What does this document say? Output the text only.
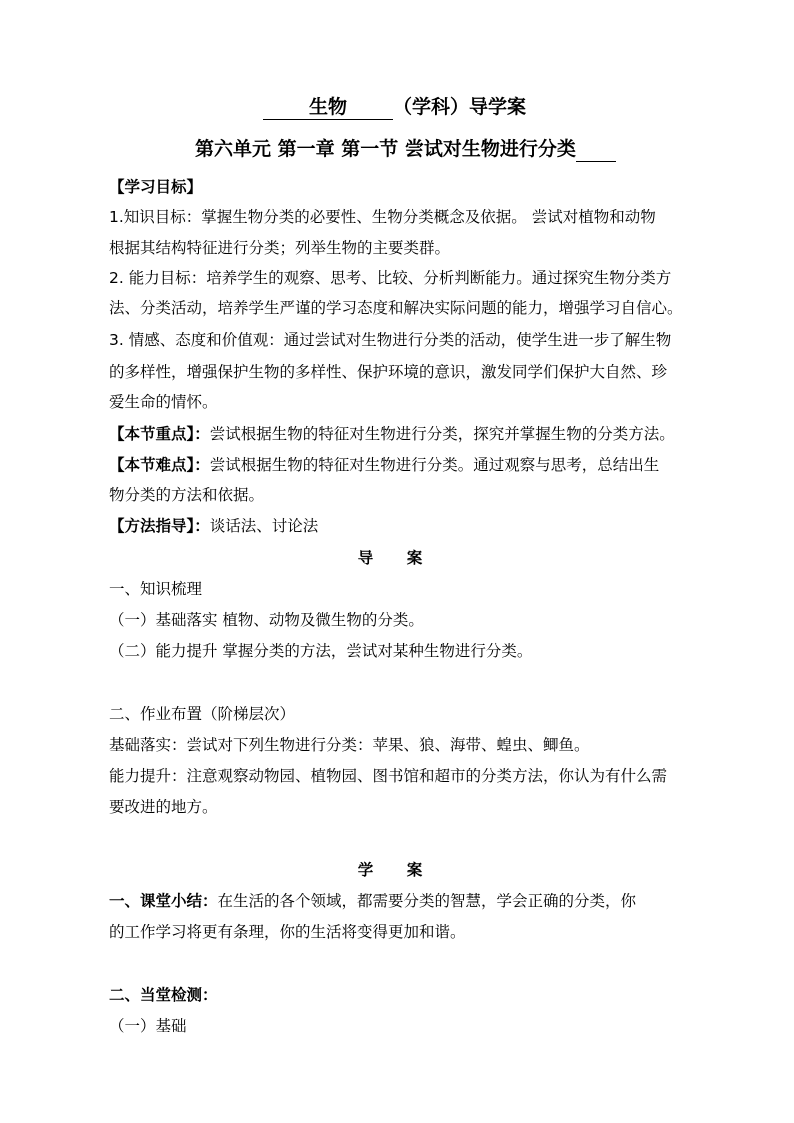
生物 （学科）导学案
第六单元 第一章 第一节 尝试对生物进行分类
【学习目标】
1.知识目标：掌握生物分类的必要性、生物分类概念及依据。 尝试对植物和动物
根据其结构特征进行分类；列举生物的主要类群。
2. 能力目标：培养学生的观察、思考、比较、分析判断能力。通过探究生物分类方
法、分类活动，培养学生严谨的学习态度和解决实际问题的能力，增强学习自信心。
3. 情感、态度和价值观：通过尝试对生物进行分类的活动，使学生进一步了解生物
的多样性，增强保护生物的多样性、保护环境的意识，激发同学们保护大自然、珍
爱生命的情怀。
【本节重点】：尝试根据生物的特征对生物进行分类，探究并掌握生物的分类方法。
【本节难点】：尝试根据生物的特征对生物进行分类。通过观察与思考，总结出生
物分类的方法和依据。
【方法指导】：谈话法、讨论法
导 案
一、知识梳理
（一）基础落实 植物、动物及微生物的分类。
（二）能力提升 掌握分类的方法，尝试对某种生物进行分类。
二、作业布置（阶梯层次）
基础落实：尝试对下列生物进行分类：苹果、狼、海带、蝗虫、鲫鱼。
能力提升：注意观察动物园、植物园、图书馆和超市的分类方法，你认为有什么需
要改进的地方。
学 案
一、课堂小结：在生活的各个领域，都需要分类的智慧，学会正确的分类，你
的工作学习将更有条理，你的生活将变得更加和谐。
二、当堂检测：
（一）基础
